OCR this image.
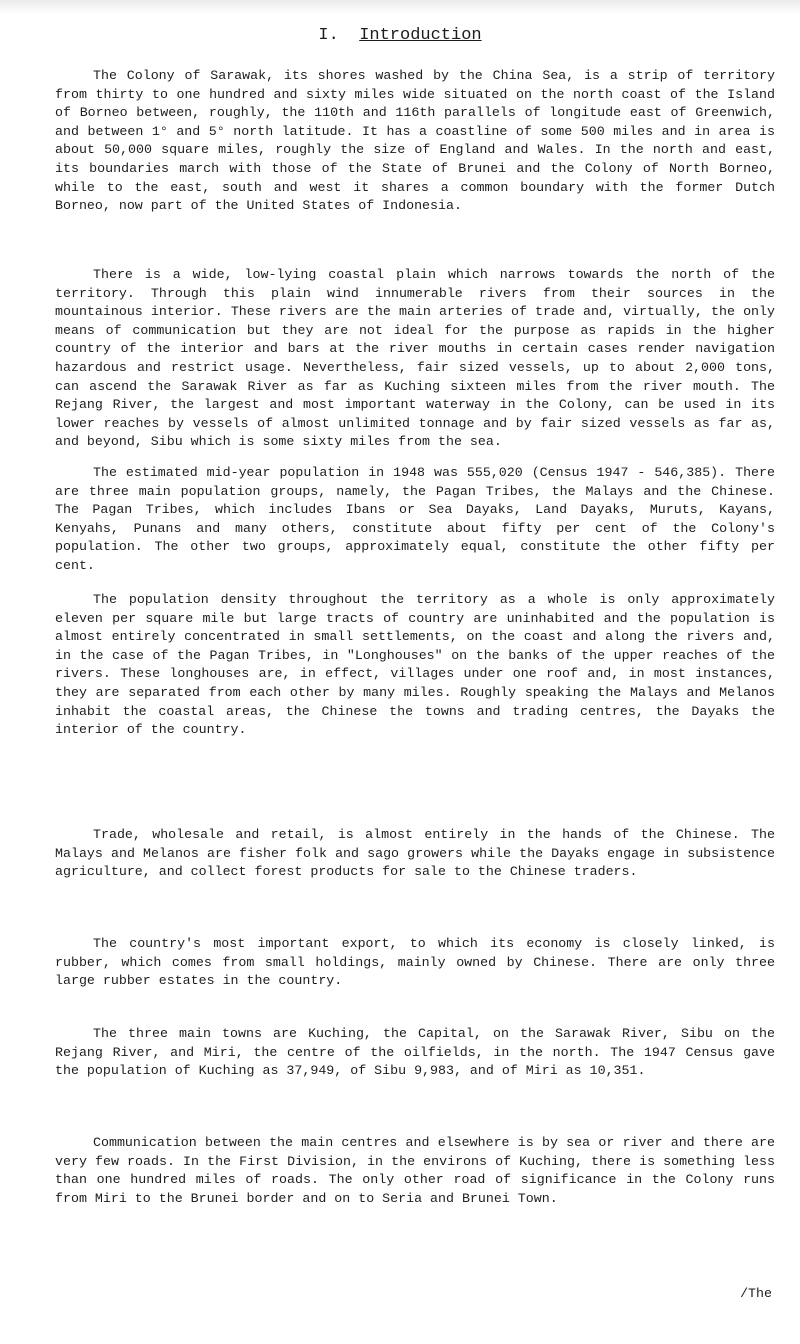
I. Introduction

The Colony of Sarawak, its shores washed by the China Sea, is a strip of territory from thirty to one hundred and sixty miles wide situated on the north coast of the Island of Borneo between, roughly, the 110th and 116th parallels of longitude east of Greenwich, and between 1° and 5° north latitude. It has a coastline of some 500 miles and in area is about 50,000 square miles, roughly the size of England and Wales. In the north and east, its boundaries march with those of the State of Brunei and the Colony of North Borneo, while to the east, south and west it shares a common boundary with the former Dutch Borneo, now part of the United States of Indonesia.

There is a wide, low-lying coastal plain which narrows towards the north of the territory. Through this plain wind innumerable rivers from their sources in the mountainous interior. These rivers are the main arteries of trade and, virtually, the only means of communication but they are not ideal for the purpose as rapids in the higher country of the interior and bars at the river mouths in certain cases render navigation hazardous and restrict usage. Nevertheless, fair sized vessels, up to about 2,000 tons, can ascend the Sarawak River as far as Kuching sixteen miles from the river mouth. The Rejang River, the largest and most important waterway in the Colony, can be used in its lower reaches by vessels of almost unlimited tonnage and by fair sized vessels as far as, and beyond, Sibu which is some sixty miles from the sea.

The estimated mid-year population in 1948 was 555,020 (Census 1947 - 546,385). There are three main population groups, namely, the Pagan Tribes, the Malays and the Chinese. The Pagan Tribes, which includes Ibans or Sea Dayaks, Land Dayaks, Muruts, Kayans, Kenyahs, Punans and many others, constitute about fifty per cent of the Colony's population. The other two groups, approximately equal, constitute the other fifty per cent.

The population density throughout the territory as a whole is only approximately eleven per square mile but large tracts of country are uninhabited and the population is almost entirely concentrated in small settlements, on the coast and along the rivers and, in the case of the Pagan Tribes, in "Longhouses" on the banks of the upper reaches of the rivers. These longhouses are, in effect, villages under one roof and, in most instances, they are separated from each other by many miles. Roughly speaking the Malays and Melanos inhabit the coastal areas, the Chinese the towns and trading centres, the Dayaks the interior of the country.

Trade, wholesale and retail, is almost entirely in the hands of the Chinese. The Malays and Melanos are fisher folk and sago growers while the Dayaks engage in subsistence agriculture, and collect forest products for sale to the Chinese traders.

The country's most important export, to which its economy is closely linked, is rubber, which comes from small holdings, mainly owned by Chinese. There are only three large rubber estates in the country.

The three main towns are Kuching, the Capital, on the Sarawak River, Sibu on the Rejang River, and Miri, the centre of the oilfields, in the north. The 1947 Census gave the population of Kuching as 37,949, of Sibu 9,983, and of Miri as 10,351.

Communication between the main centres and elsewhere is by sea or river and there are very few roads. In the First Division, in the environs of Kuching, there is something less than one hundred miles of roads. The only other road of significance in the Colony runs from Miri to the Brunei border and on to Seria and Brunei Town.

/The
